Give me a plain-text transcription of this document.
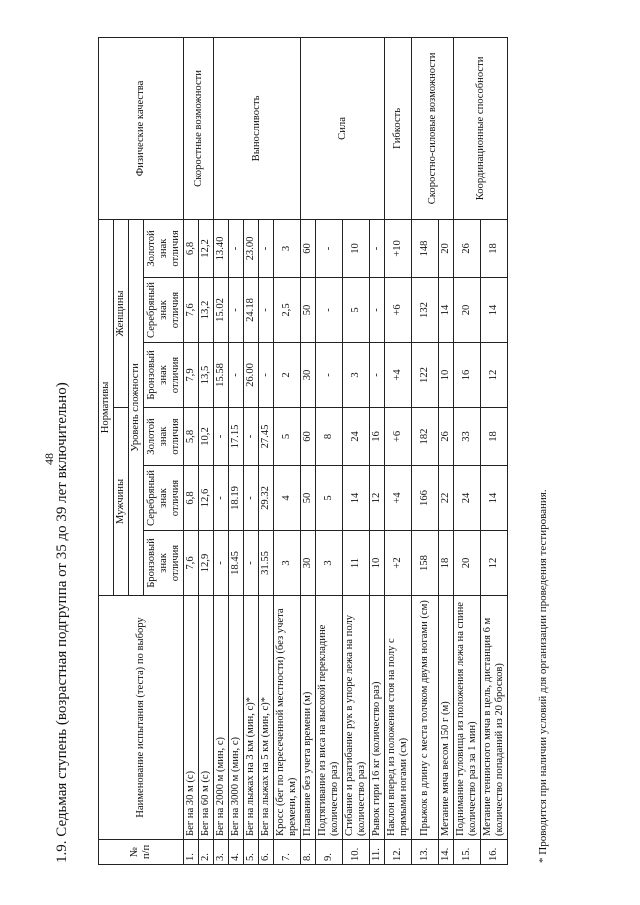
48
1.9. Седьмая ступень (возрастная подгруппа от 35 до 39 лет включительно)	№ п/п	Наименование испытания (теста) по выбору	Нормативы						Физические качества
		Мужчины			Женщины			
		Уровень сложности						
		Бронзовый знак отличия	Серебряный знак отличия	Золотой знак отличия	Бронзовый знак отличия	Серебряный знак отличия	Золотой знак отличия	
1.	Бег на 30 м (с)	7,6	6,8	5,8	7,9	7,6	6,8	Скоростные возможности
2.	Бег на 60 м (с)	12,9	12,6	10,2	13,5	13,2	12,2	
3.	Бег на 2000 м (мин, с)	-	-	-	15.58	15.02	13.40	Выносливость
4.	Бег на 3000 м (мин, с)	18.45	18.19	17.15	-	-	-	
5.	Бег на лыжах на 3 км (мин, с)*	-	-	-	26.00	24.18	23.00	
6.	Бег на лыжах на 5 км (мин, с)*	31.55	29.32	27.45	-	-	-	
7.	Кросс (бег по пересеченной местности) (без учета времени, км)	3	4	5	2	2,5	3	
8.	Плавание без учета времени (м)	30	50	60	30	50	60	Сила
9.	Подтягивание из виса на высокой перекладине (количество раз)	3	5	8	-	-	-	
10.	Сгибание и разгибание рук в упоре лежа на полу (количество раз)	11	14	24	3	5	10	
11.	Рывок гири 16 кг (количество раз)	10	12	16	-	-	-	
12.	Наклон вперед из положения стоя на полу с прямыми ногами (см)	+2	+4	+6	+4	+6	+10	Гибкость
13.	Прыжок в длину с места толчком двумя ногами (см)	158	166	182	122	132	148	Скоростно-силовые возможности
14.	Метание мяча весом 150 г (м)	18	22	26	10	14	20	
15.	Поднимание туловища из положения лежа на спине (количество раз за 1 мин)	20	24	33	16	20	26	Координационные способности
16.	Метание теннисного мяча в цель, дистанция 6 м (количество попаданий из 20 бросков)	12	14	18	12	14	18	
* Проводится при наличии условий для организации проведения тестирования.
